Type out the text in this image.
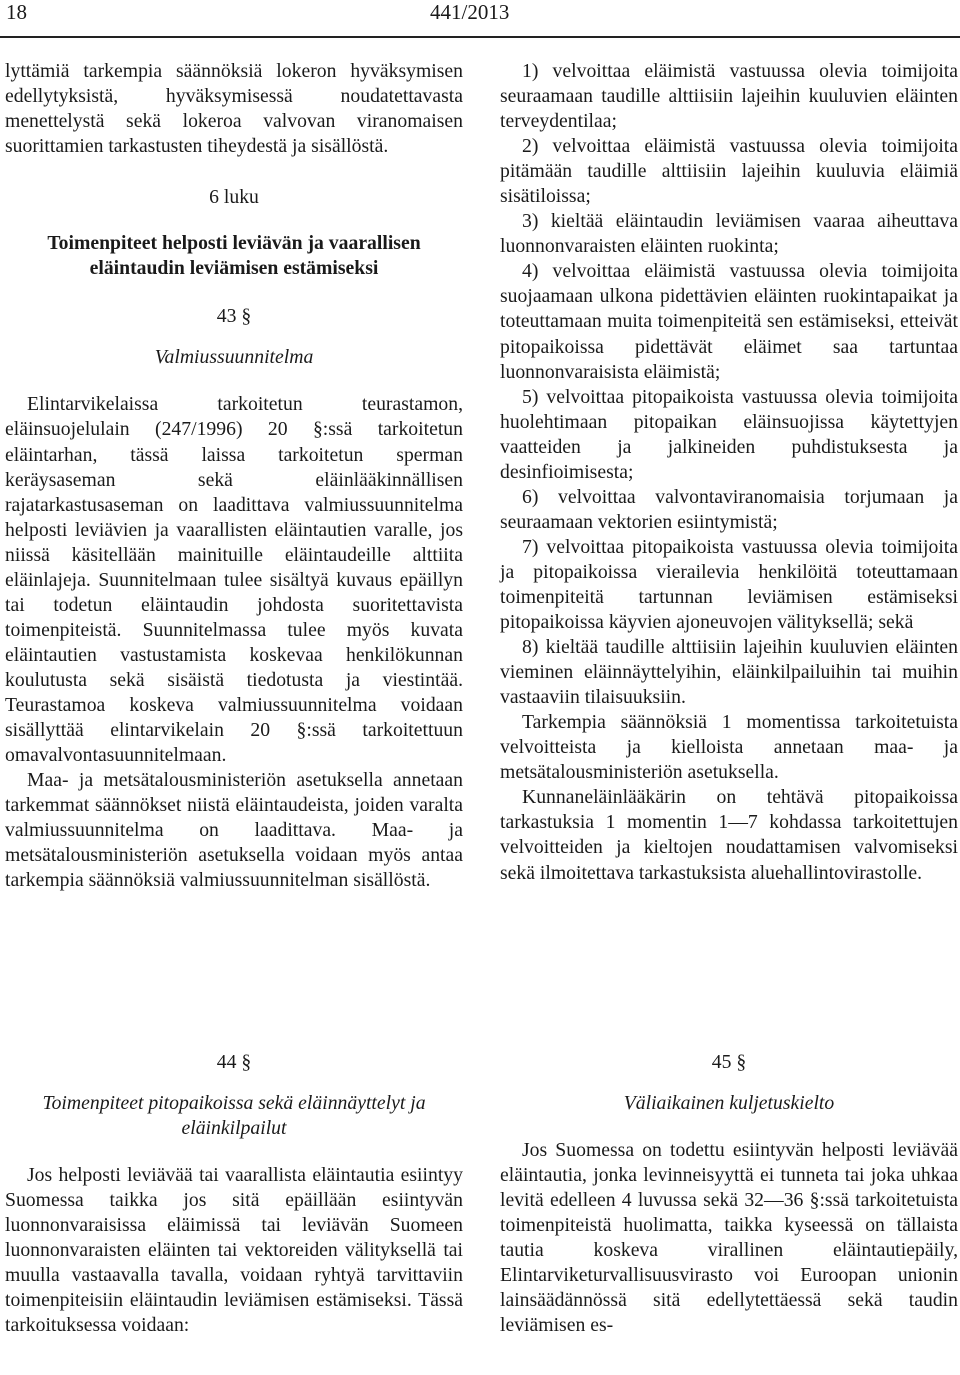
18	441/2013

lyttämiä tarkempia säännöksiä lokeron hyväksymisen edellytyksistä, hyväksymisessä noudatettavasta menettelystä sekä lokeroa valvovan viranomaisen suorittamien tarkastusten tiheydestä ja sisällöstä.

6 luku
Toimenpiteet helposti leviävän ja vaarallisen eläintaudin leviämisen estämiseksi
43 §
Valmiussuunnitelma

Elintarvikelaissa tarkoitetun teurastamon, eläinsuojelulain (247/1996) 20 §:ssä tarkoitetun eläintarhan, tässä laissa tarkoitetun sperman keräysaseman sekä eläinlääkinnällisen rajatarkastusaseman on laadittava valmiussuunnitelma helposti leviävien ja vaarallisten eläintautien varalle, jos niissä käsitellään mainituille eläintaudeille alttiita eläinlajeja. Suunnitelmaan tulee sisältyä kuvaus epäillyn tai todetun eläintaudin johdosta suoritettavista toimenpiteistä. Suunnitelmassa tulee myös kuvata eläintautien vastustamista koskevaa henkilökunnan koulutusta sekä sisäistä tiedotusta ja viestintää. Teurastamoa koskeva valmiussuunnitelma voidaan sisällyttää elintarvikelain 20 §:ssä tarkoitettuun omavalvontasuunnitelmaan.

Maa- ja metsätalousministeriön asetuksella annetaan tarkemmat säännökset niistä eläintaudeista, joiden varalta valmiussuunnitelma on laadittava. Maa- ja metsätalousministeriön asetuksella voidaan myös antaa tarkempia säännöksiä valmiussuunnitelman sisällöstä.

1) velvoittaa eläimistä vastuussa olevia toimijoita seuraamaan taudille alttiisiin lajeihin kuuluvien eläinten terveydentilaa;

2) velvoittaa eläimistä vastuussa olevia toimijoita pitämään taudille alttiisiin lajeihin kuuluvia eläimiä sisätiloissa;

3) kieltää eläintaudin leviämisen vaaraa aiheuttava luonnonvaraisten eläinten ruokinta;

4) velvoittaa eläimistä vastuussa olevia toimijoita suojaamaan ulkona pidettävien eläinten ruokintapaikat ja toteuttamaan muita toimenpiteitä sen estämiseksi, etteivät pitopaikoissa pidettävät eläimet saa tartuntaa luonnonvaraisista eläimistä;

5) velvoittaa pitopaikoista vastuussa olevia toimijoita huolehtimaan pitopaikan eläinsuojissa käytettyjen vaatteiden ja jalkineiden puhdistuksesta ja desinfioimisesta;

6) velvoittaa valvontaviranomaisia torjumaan ja seuraamaan vektorien esiintymistä;

7) velvoittaa pitopaikoista vastuussa olevia toimijoita ja pitopaikoissa vierailevia henkilöitä toteuttamaan toimenpiteitä tartunnan leviämisen estämiseksi pitopaikoissa käyvien ajoneuvojen välityksellä; sekä

8) kieltää taudille alttiisiin lajeihin kuuluvien eläinten vieminen eläinnäyttelyihin, eläinkilpailuihin tai muihin vastaaviin tilaisuuksiin.

Tarkempia säännöksiä 1 momentissa tarkoitetuista velvoitteista ja kielloista annetaan maa- ja metsätalousministeriön asetuksella.

Kunnaneläinlääkärin on tehtävä pitopaikoissa tarkastuksia 1 momentin 1—7 kohdassa tarkoitettujen velvoitteiden ja kieltojen noudattamisen valvomiseksi sekä ilmoitettava tarkastuksista aluehallintovirastolle.

44 §
Toimenpiteet pitopaikoissa sekä eläinnäyttelyt ja eläinkilpailut

Jos helposti leviävää tai vaarallista eläintautia esiintyy Suomessa taikka jos sitä epäillään esiintyvän luonnonvaraisissa eläimissä tai leviävän Suomeen luonnonvaraisten eläinten tai vektoreiden välityksellä tai muulla vastaavalla tavalla, voidaan ryhtyä tarvittaviin toimenpiteisiin eläintaudin leviämisen estämiseksi. Tässä tarkoituksessa voidaan:

45 §
Väliaikainen kuljetuskielto

Jos Suomessa on todettu esiintyvän helposti leviävää eläintautia, jonka levinneisyyttä ei tunneta tai joka uhkaa levitä edelleen 4 luvussa sekä 32—36 §:ssä tarkoitetuista toimenpiteistä huolimatta, taikka kyseessä on tällaista tautia koskeva virallinen eläintautiepäily, Elintarviketurvallisuusvirasto voi Euroopan unionin lainsäädännössä sitä edellytettäessä sekä taudin leviämisen es-
